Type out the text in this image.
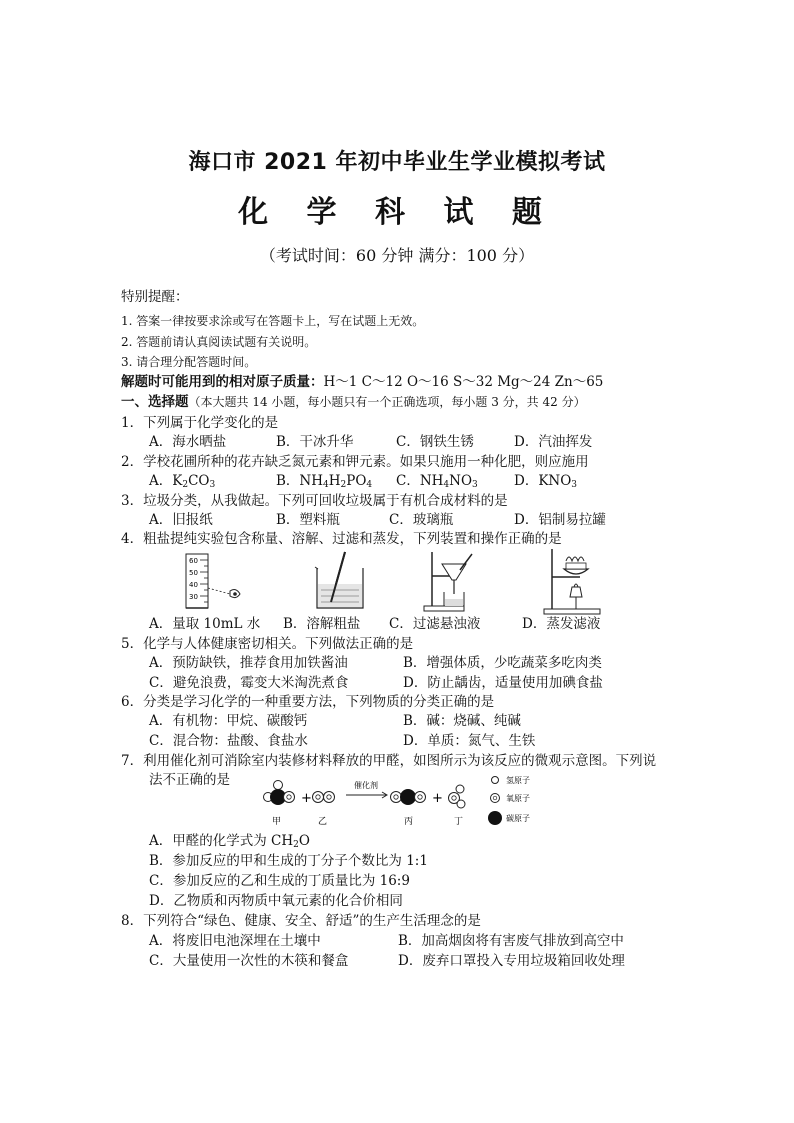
海口市 2021 年初中毕业生学业模拟考试
化 学 科 试 题
（考试时间：60 分钟 满分：100 分）
特别提醒：
1. 答案一律按要求涂或写在答题卡上，写在试题上无效。
2. 答题前请认真阅读试题有关说明。
3. 请合理分配答题时间。
解题时可能用到的相对原子质量：H～1 C～12 O～16 S～32 Mg～24 Zn～65
一、选择题（本大题共 14 小题，每小题只有一个正确选项，每小题 3 分，共 42 分）
1．下列属于化学变化的是
A．海水晒盐	B．干冰升华	C．钢铁生锈	D．汽油挥发
2．学校花圃所种的花卉缺乏氮元素和钾元素。如果只施用一种化肥，则应施用
A．$K_2CO_3$	B．$NH_4H_2PO_4$ C．$NH_4NO_3$	D．$KNO_3$
3．垃圾分类，从我做起。下列可回收垃圾属于有机合成材料的是
A．旧报纸	B．塑料瓶	C．玻璃瓶	D．铝制易拉罐
4．粗盐提纯实验包含称量、溶解、过滤和蒸发，下列装置和操作正确的是
60
50
40
30
A．量取 10mL 水 B．溶解粗盐 C．过滤悬浊液	D．蒸发滤液
5．化学与人体健康密切相关。下列做法正确的是
A．预防缺铁，推荐食用加铁酱油	B．增强体质，少吃蔬菜多吃肉类
C．避免浪费，霉变大米淘洗煮食	D．防止龋齿，适量使用加碘食盐
6．分类是学习化学的一种重要方法，下列物质的分类正确的是
A．有机物：甲烷、碳酸钙	B．碱：烧碱、纯碱
C．混合物：盐酸、食盐水	D．单质：氮气、生铁
7．利用催化剂可消除室内装修材料释放的甲醛，如图所示为该反应的微观示意图。下列说
法不正确的是
+
催化剂
+
甲	乙	丙	丁
氢原子
氧原子
碳原子
A．甲醛的化学式为 $CH_2O$
B．参加反应的甲和生成的丁分子个数比为 1:1
C．参加反应的乙和生成的丁质量比为 16:9
D．乙物质和丙物质中氧元素的化合价相同
8．下列符合“绿色、健康、安全、舒适”的生产生活理念的是
A．将废旧电池深埋在土壤中	B．加高烟囱将有害废气排放到高空中
C．大量使用一次性的木筷和餐盒	D．废弃口罩投入专用垃圾箱回收处理
